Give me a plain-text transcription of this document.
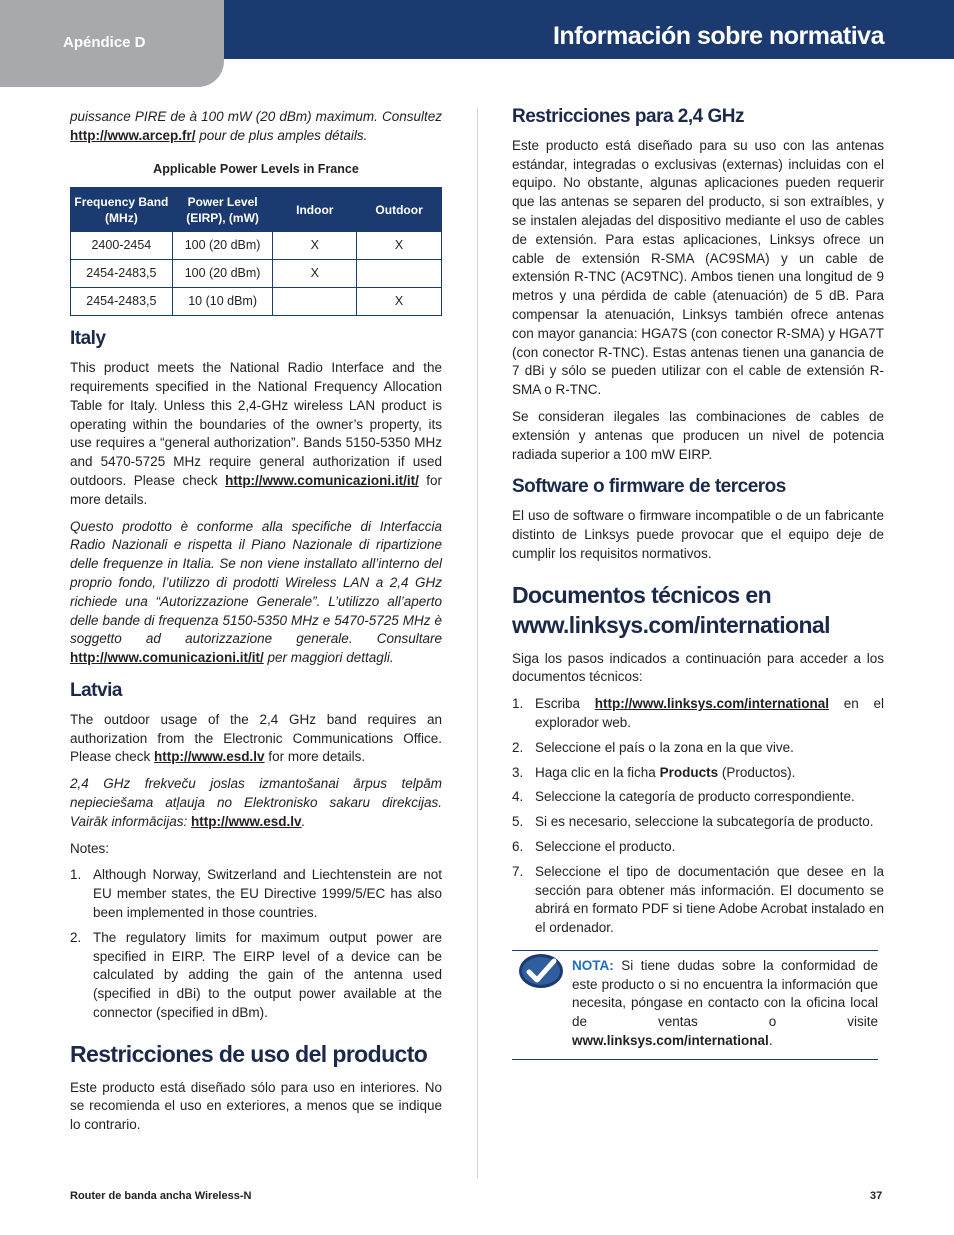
Apéndice D	Información sobre normativa

puissance PIRE de à 100 mW (20 dBm) maximum. Consultez http://www.arcep.fr/ pour de plus amples détails.

Applicable Power Levels in France
Frequency Band (MHz)	Power Level (EIRP), (mW)	Indoor	Outdoor
2400-2454	100 (20 dBm)	X	X
2454-2483,5	100 (20 dBm)	X	
2454-2483,5	10 (10 dBm)		X
Italy

This product meets the National Radio Interface and the requirements specified in the National Frequency Allocation Table for Italy. Unless this 2,4-GHz wireless LAN product is operating within the boundaries of the owner’s property, its use requires a “general authorization”. Bands 5150-5350 MHz and 5470-5725 MHz require general authorization if used outdoors. Please check http://www.comunicazioni.it/it/ for more details.

Questo prodotto è conforme alla specifiche di Interfaccia Radio Nazionali e rispetta il Piano Nazionale di ripartizione delle frequenze in Italia. Se non viene installato all’interno del proprio fondo, l’utilizzo di prodotti Wireless LAN a 2,4 GHz richiede una “Autorizzazione Generale”. L’utilizzo all’aperto delle bande di frequenza 5150-5350 MHz e 5470-5725 MHz è soggetto ad autorizzazione generale. Consultare http://www.comunicazioni.it/it/ per maggiori dettagli.

Latvia

The outdoor usage of the 2,4 GHz band requires an authorization from the Electronic Communications Office. Please check http://www.esd.lv for more details.

2,4 GHz frekveču joslas izmantošanai ārpus telpām nepieciešama atļauja no Elektronisko sakaru direkcijas. Vairāk informācijas: http://www.esd.lv.

Notes:

1. Although Norway, Switzerland and Liechtenstein are not EU member states, the EU Directive 1999/5/EC has also been implemented in those countries.
2. The regulatory limits for maximum output power are specified in EIRP. The EIRP level of a device can be calculated by adding the gain of the antenna used (specified in dBi) to the output power available at the connector (specified in dBm).
Restricciones de uso del producto

Este producto está diseñado sólo para uso en interiores. No se recomienda el uso en exteriores, a menos que se indique lo contrario.

Restricciones para 2,4 GHz

Este producto está diseñado para su uso con las antenas estándar, integradas o exclusivas (externas) incluidas con el equipo. No obstante, algunas aplicaciones pueden requerir que las antenas se separen del producto, si son extraíbles, y se instalen alejadas del dispositivo mediante el uso de cables de extensión. Para estas aplicaciones, Linksys ofrece un cable de extensión R-SMA (AC9SMA) y un cable de extensión R-TNC (AC9TNC). Ambos tienen una longitud de 9 metros y una pérdida de cable (atenuación) de 5 dB. Para compensar la atenuación, Linksys también ofrece antenas con mayor ganancia: HGA7S (con conector R-SMA) y HGA7T (con conector R-TNC). Estas antenas tienen una ganancia de 7 dBi y sólo se pueden utilizar con el cable de extensión R-SMA o R-TNC.

Se consideran ilegales las combinaciones de cables de extensión y antenas que producen un nivel de potencia radiada superior a 100 mW EIRP.

Software o firmware de terceros

El uso de software o firmware incompatible o de un fabricante distinto de Linksys puede provocar que el equipo deje de cumplir los requisitos normativos.

Documentos técnicos en
www.linksys.com/international

Siga los pasos indicados a continuación para acceder a los documentos técnicos:

1. Escriba http://www.linksys.com/international en el explorador web.
2. Seleccione el país o la zona en la que vive.
3. Haga clic en la ficha Products (Productos).
4. Seleccione la categoría de producto correspondiente.
5. Si es necesario, seleccione la subcategoría de producto.
6. Seleccione el producto.
7. Seleccione el tipo de documentación que desee en la sección para obtener más información. El documento se abrirá en formato PDF si tiene Adobe Acrobat instalado en el ordenador.

NOTA: Si tiene dudas sobre la conformidad de este producto o si no encuentra la información que necesita, póngase en contacto con la oficina local de ventas o visite www.linksys.com/international.

Router de banda ancha Wireless-N	37
